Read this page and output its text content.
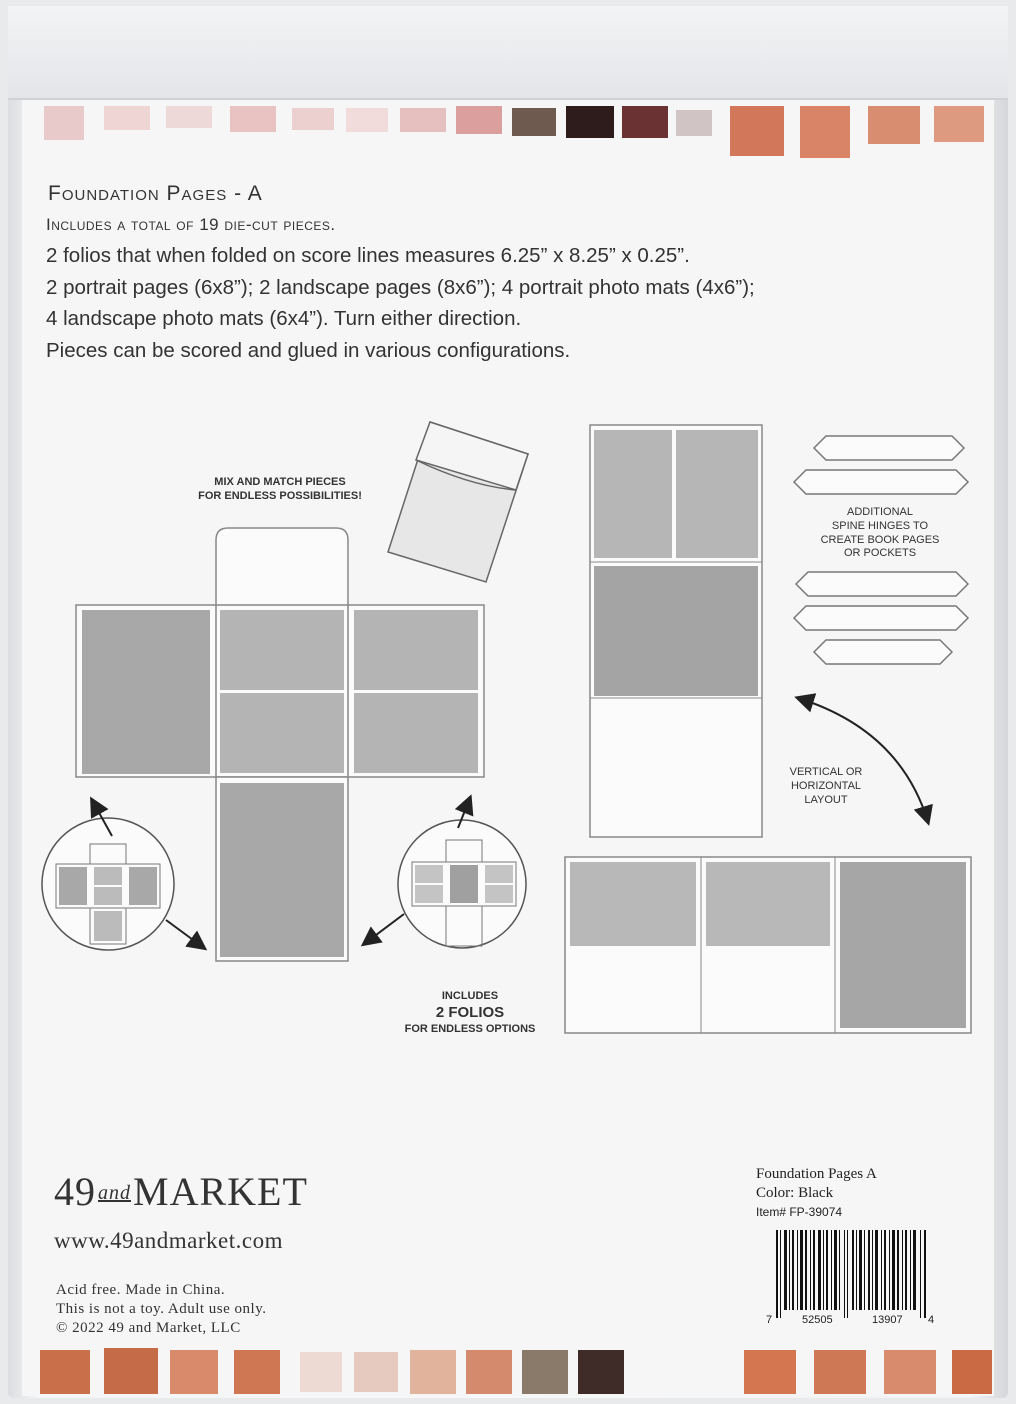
Foundation Pages - A
Includes a total of 19 die-cut pieces.
2 folios that when folded on score lines measures 6.25” x 8.25” x 0.25”.
2 portrait pages (6x8”); 2 landscape pages (8x6”); 4 portrait photo mats (4x6”);
4 landscape photo mats (6x4”). Turn either direction.
Pieces can be scored and glued in various configurations.
MIX AND MATCH PIECES
FOR ENDLESS POSSIBILITIES!
ADDITIONAL
SPINE HINGES TO
CREATE BOOK PAGES
OR POCKETS
VERTICAL OR
HORIZONTAL
LAYOUT
INCLUDES
2 FOLIOS
FOR ENDLESS OPTIONS
49 andMARKET
www.49andmarket.com
Acid free. Made in China.
This is not a toy. Adult use only.
© 2022 49 and Market, LLC
Foundation Pages A
Color: Black
Item# FP-39074
7	52505	13907 4
